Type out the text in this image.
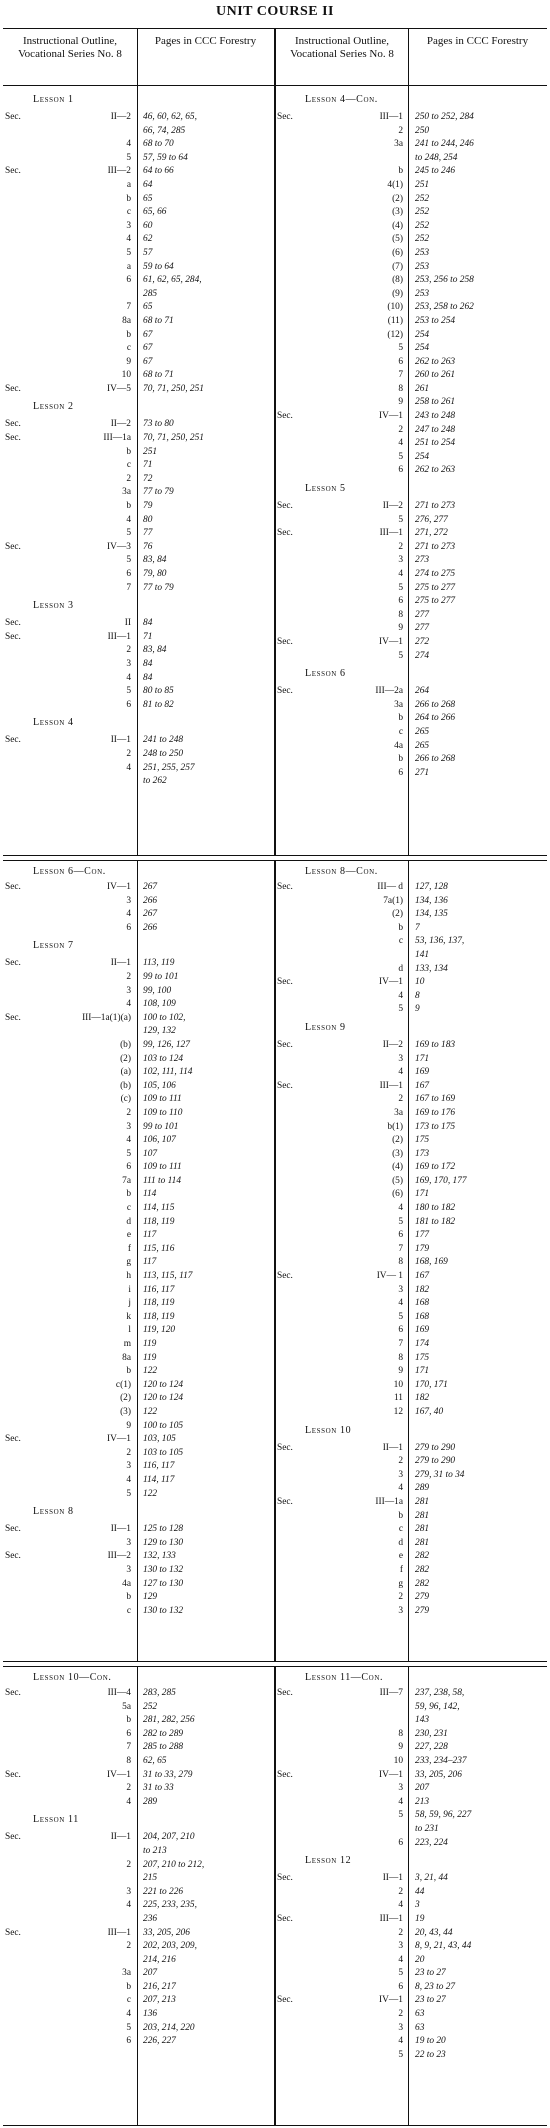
UNIT COURSE II
Instructional Outline, Vocational Series No. 8
Pages in CCC Forestry	Instructional Outline, Vocational Series No. 8
Pages in CCC Forestry
Lesson 1
Sec.	II—2 46, 60, 62, 65,
66, 74, 285
4 68 to 70
5 57, 59 to 64
Sec.	III—2 64 to 66
a 64
b 65
c 65, 66
3 60
4 62
5 57
a 59 to 64
6 61, 62, 65, 284,
285
7 65
8a 68 to 71
b 67
c 67
9 67
10 68 to 71
Sec.	IV—5 70, 71, 250, 251
Lesson 2
Sec.	II—2 73 to 80
Sec.	III—1a 70, 71, 250, 251
b 251
c 71
2 72
3a 77 to 79
b 79
4 80
5 77
Sec.	IV—3 76
5 83, 84
6 79, 80
7 77 to 79
Lesson 3
Sec.	II 84
Sec.	III—1 71
2 83, 84
3 84
4 84
5 80 to 85
6 81 to 82
Lesson 4
Sec.	II—1 241 to 248
2 248 to 250
4 251, 255, 257
to 262
Lesson 4—Con.
Sec.	III—1 250 to 252, 284
2 250
3a 241 to 244, 246
to 248, 254
b 245 to 246
4(1) 251
(2) 252
(3) 252
(4) 252
(5) 252
(6) 253
(7) 253
(8) 253, 256 to 258
(9) 253
(10) 253, 258 to 262
(11) 253 to 254
(12) 254
5 254
6 262 to 263
7 260 to 261
8 261
9 258 to 261
Sec.	IV—1 243 to 248
2 247 to 248
4 251 to 254
5 254
6 262 to 263
Lesson 5
Sec.	II—2 271 to 273
5 276, 277
Sec.	III—1 271, 272
2 271 to 273
3 273
4 274 to 275
5 275 to 277
6 275 to 277
8 277
9 277
Sec.	IV—1 272
5 274
Lesson 6
Sec.	III—2a 264
3a 266 to 268
b 264 to 266
c 265
4a 265
b 266 to 268
6 271
Lesson 6—Con.
Sec.	IV—1 267
3 266
4 267
6 266
Lesson 7
Sec.	II—1 113, 119
2 99 to 101
3 99, 100
4 108, 109
Sec.	III—1a(1)(a) 100 to 102,
129, 132
(b) 99, 126, 127
(2) 103 to 124
(a) 102, 111, 114
(b) 105, 106
(c) 109 to 111
2 109 to 110
3 99 to 101
4 106, 107
5 107
6 109 to 111
7a 111 to 114
b 114
c 114, 115
d 118, 119
e 117
f 115, 116
g 117
h 113, 115, 117
i 116, 117
j 118, 119
k 118, 119
l 119, 120
m 119
8a 119
b 122
c(1) 120 to 124
(2) 120 to 124
(3) 122
9 100 to 105
Sec.	IV—1 103, 105
2 103 to 105
3 116, 117
4 114, 117
5 122
Lesson 8
Sec.	II—1 125 to 128
3 129 to 130
Sec.	III—2 132, 133
3 130 to 132
4a 127 to 130
b 129
c 130 to 132
Lesson 8—Con.
Sec.	III— d 127, 128
7a(1) 134, 136
(2) 134, 135
b 7
c 53, 136, 137,
141
d 133, 134
Sec.	IV—1 10
4 8
5 9
Lesson 9
Sec.	II—2 169 to 183
3 171
4 169
Sec.	III—1 167
2 167 to 169
3a 169 to 176
b(1) 173 to 175
(2) 175
(3) 173
(4) 169 to 172
(5) 169, 170, 177
(6) 171
4 180 to 182
5 181 to 182
6 177
7 179
8 168, 169
Sec.	IV— 1 167
3 182
4 168
5 168
6 169
7 174
8 175
9 171
10 170, 171
11 182
12 167, 40
Lesson 10
Sec.	II—1 279 to 290
2 279 to 290
3 279, 31 to 34
4 289
Sec.	III—1a 281
b 281
c 281
d 281
e 282
f 282
g 282
2 279
3 279
Lesson 10—Con.
Sec.	III—4 283, 285
5a 252
b 281, 282, 256
6 282 to 289
7 285 to 288
8 62, 65
Sec.	IV—1 31 to 33, 279
2 31 to 33
4 289
Lesson 11
Sec.	II—1 204, 207, 210
to 213
2 207, 210 to 212,
215
3 221 to 226
4 225, 233, 235,
236
Sec.	III—1 33, 205, 206
2 202, 203, 209,
214, 216
3a 207
b 216, 217
c 207, 213
4 136
5 203, 214, 220
6 226, 227
Lesson 11—Con.
Sec.	III—7 237, 238, 58,
59, 96, 142,
143
8 230, 231
9 227, 228
10 233, 234–237
Sec.	IV—1 33, 205, 206
3 207
4 213
5 58, 59, 96, 227
to 231
6 223, 224
Lesson 12
Sec.	II—1 3, 21, 44
2 44
4 3
Sec.	III—1 19
2 20, 43, 44
3 8, 9, 21, 43, 44
4 20
5 23 to 27
6 8, 23 to 27
Sec.	IV—1 23 to 27
2 63
3 63
4 19 to 20
5 22 to 23
